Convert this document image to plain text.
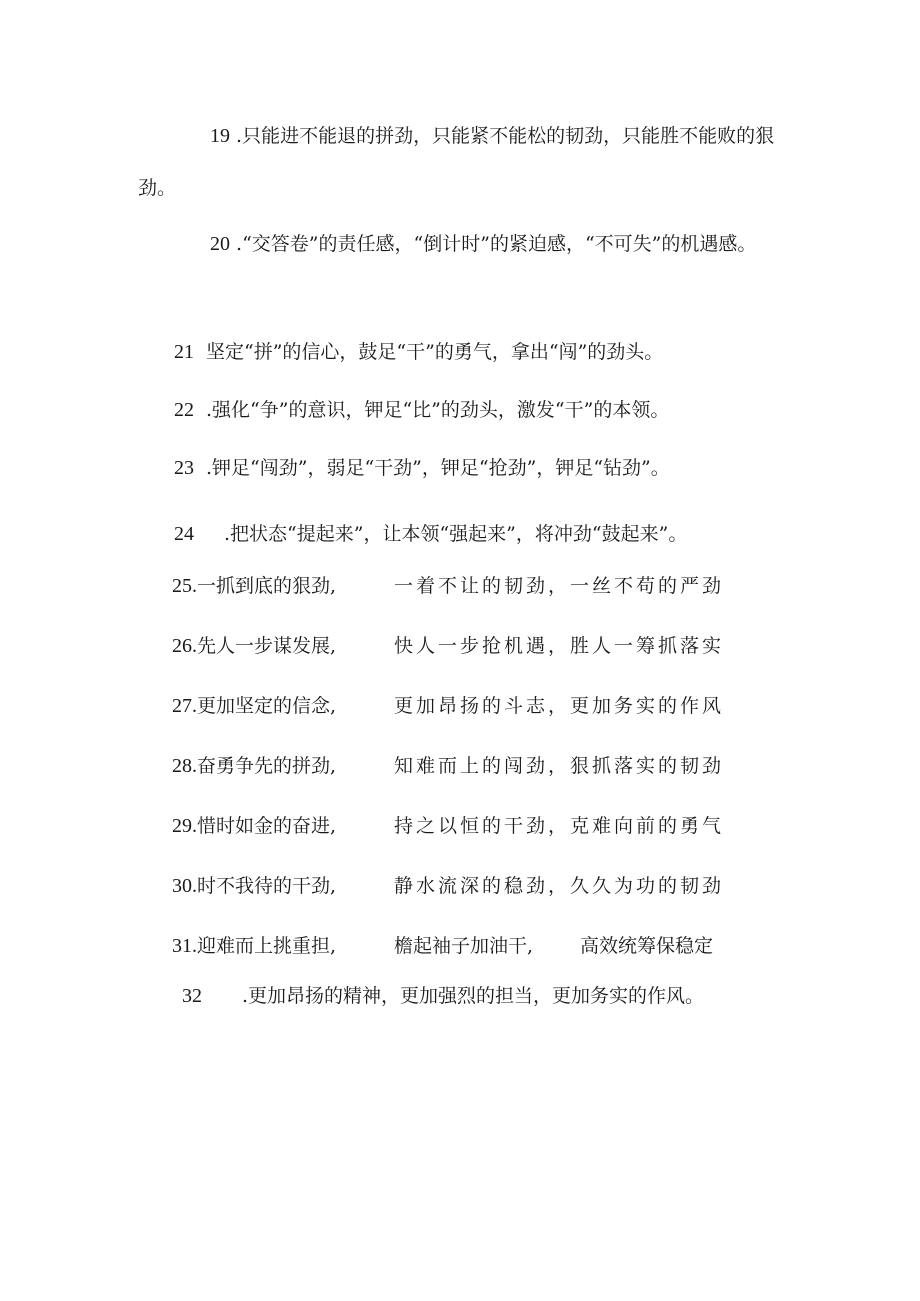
19 .只能进不能退的拼劲，只能紧不能松的韧劲，只能胜不能败的狠劲。
20 .“交答卷”的责任感，“倒计时”的紧迫感，“不可失”的机遇感。
21 坚定“拼”的信心，鼓足“干”的勇气，拿出“闯”的劲头。
22 .强化“争”的意识，钾足“比”的劲头，激发“干”的本领。
23 .钾足“闯劲”，弱足“干劲”，钾足“抢劲”，钾足“钻劲”。
24 .把状态“提起来”，让本领“强起来”，将冲劲“鼓起来”。
25.一抓到底的狠劲,	一着不让的韧劲，一丝不苟的严劲
26.先人一步谋发展,	快人一步抢机遇，胜人一筹抓落实
27.更加坚定的信念,	更加昂扬的斗志，更加务实的作风
28.奋勇争先的拼劲,	知难而上的闯劲，狠抓落实的韧劲
29.惜时如金的奋进,	持之以恒的干劲，克难向前的勇气
30.时不我待的干劲,	静水流深的稳劲，久久为功的韧劲
31.迎难而上挑重担,	檐起袖子加油干, 高效统筹保稳定
32 .更加昂扬的精神，更加强烈的担当，更加务实的作风。
